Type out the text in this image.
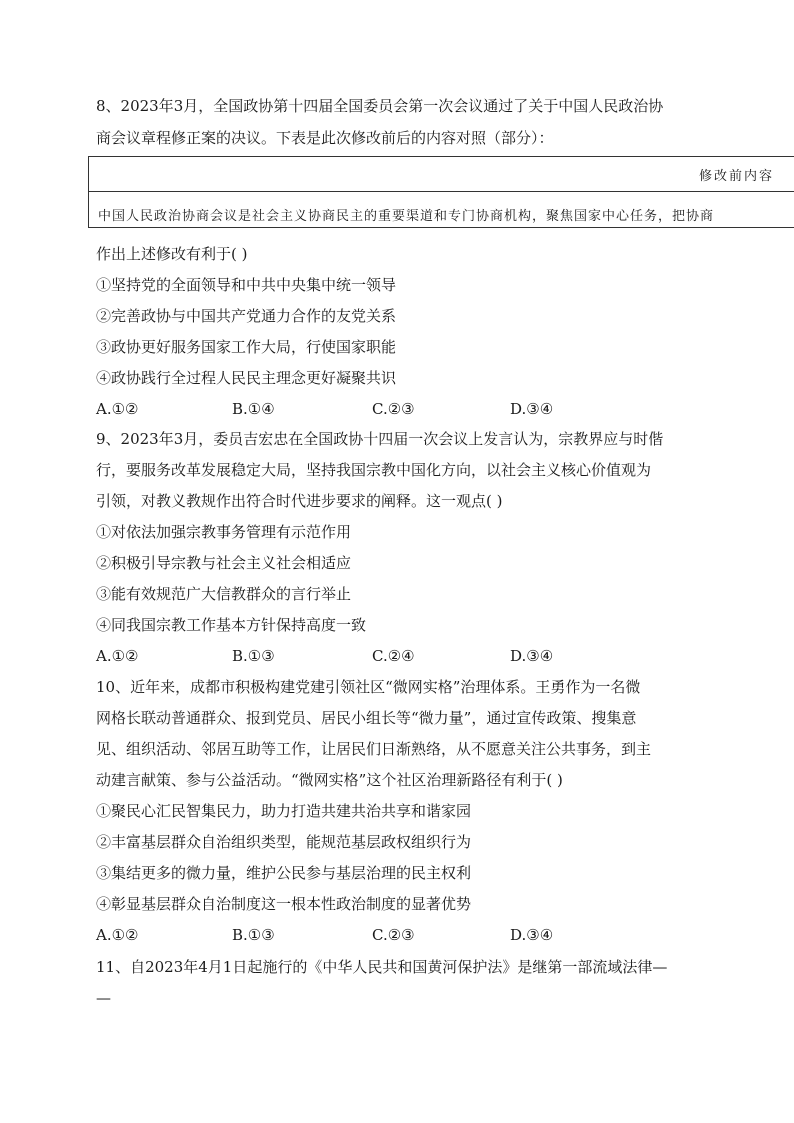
8、2023年3月，全国政协第十四届全国委员会第一次会议通过了关于中国人民政治协
商会议章程修正案的决议。下表是此次修改前后的内容对照（部分）：
修改前内容
中国人民政治协商会议是社会主义协商民主的重要渠道和专门协商机构，聚焦国家中心任务，把协商
作出上述修改有利于( )
①坚持党的全面领导和中共中央集中统一领导
②完善政协与中国共产党通力合作的友党关系
③政协更好服务国家工作大局，行使国家职能
④政协践行全过程人民民主理念更好凝聚共识
A.①②	B.①④	C.②③	D.③④
9、2023年3月，委员吉宏忠在全国政协十四届一次会议上发言认为，宗教界应与时偕
行，要服务改革发展稳定大局，坚持我国宗教中国化方向，以社会主义核心价值观为
引领，对教义教规作出符合时代进步要求的阐释。这一观点( )
①对依法加强宗教事务管理有示范作用
②积极引导宗教与社会主义社会相适应
③能有效规范广大信教群众的言行举止
④同我国宗教工作基本方针保持高度一致
A.①②	B.①③	C.②④	D.③④
10、近年来，成都市积极构建党建引领社区“微网实格”治理体系。王勇作为一名微
网格长联动普通群众、报到党员、居民小组长等“微力量”，通过宣传政策、搜集意
见、组织活动、邻居互助等工作，让居民们日渐熟络，从不愿意关注公共事务，到主
动建言献策、参与公益活动。“微网实格”这个社区治理新路径有利于( )
①聚民心汇民智集民力，助力打造共建共治共享和谐家园
②丰富基层群众自治组织类型，能规范基层政权组织行为
③集结更多的微力量，维护公民参与基层治理的民主权利
④彰显基层群众自治制度这一根本性政治制度的显著优势
A.①②	B.①③	C.②③	D.③④
11、自2023年4月1日起施行的《中华人民共和国黄河保护法》是继第一部流域法律—
—
